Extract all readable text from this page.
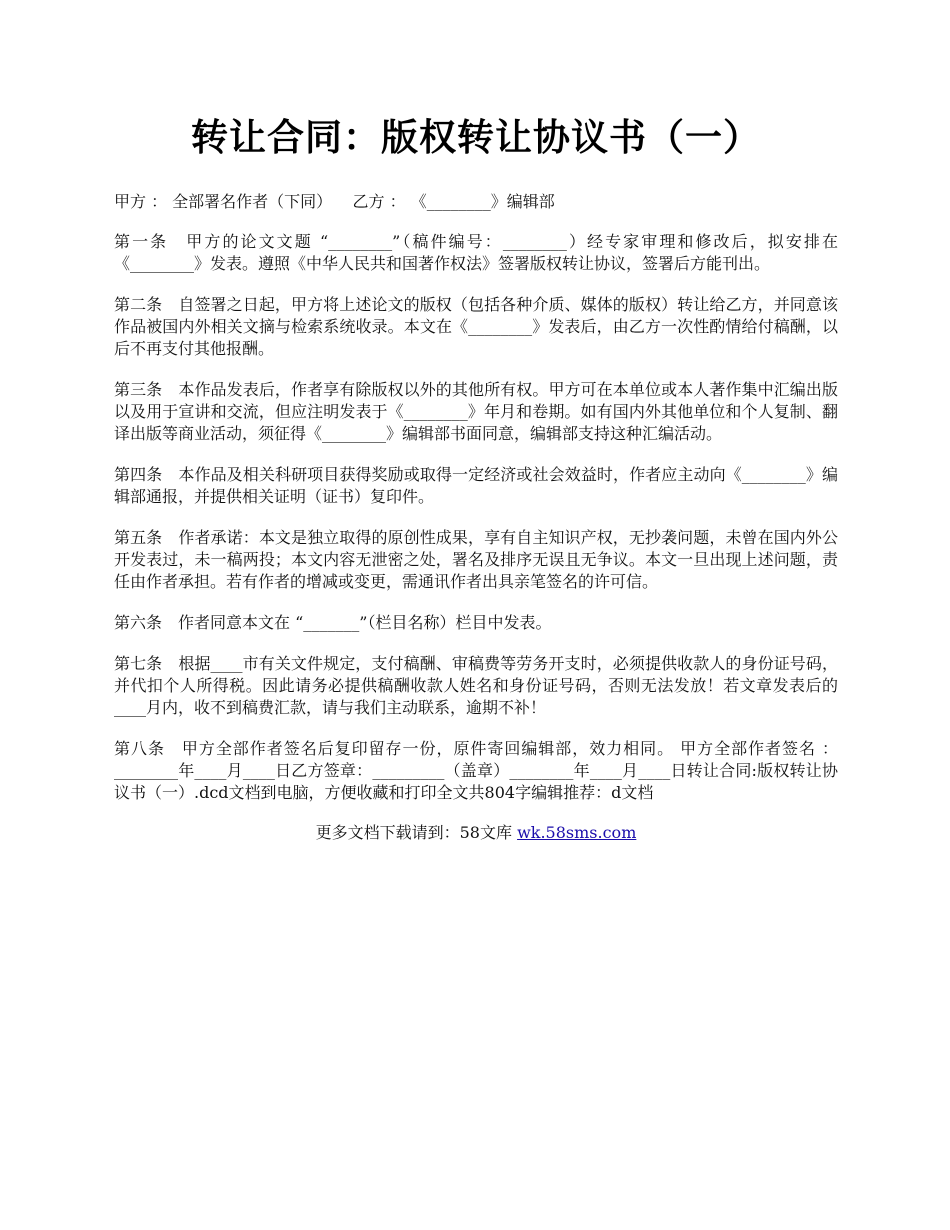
转让合同：版权转让协议书（一）
甲方 ： 全部署名作者（下同）    乙方 ： 《________》编辑部
第一条　甲方的论文文题 “________”（稿件编号：________）经专家审理和修改后，拟安排在《________》发表。遵照《中华人民共和国著作权法》签署版权转让协议，签署后方能刊出。
第二条　自签署之日起，甲方将上述论文的版权（包括各种介质、媒体的版权）转让给乙方，并同意该作品被国内外相关文摘与检索系统收录。本文在《________》发表后，由乙方一次性酌情给付稿酬，以后不再支付其他报酬。
第三条　本作品发表后，作者享有除版权以外的其他所有权。甲方可在本单位或本人著作集中汇编出版以及用于宣讲和交流，但应注明发表于《________》年月和卷期。如有国内外其他单位和个人复制、翻译出版等商业活动，须征得《________》编辑部书面同意，编辑部支持这种汇编活动。
第四条　本作品及相关科研项目获得奖励或取得一定经济或社会效益时，作者应主动向《________》编辑部通报，并提供相关证明（证书）复印件。
第五条　作者承诺：本文是独立取得的原创性成果，享有自主知识产权，无抄袭问题，未曾在国内外公开发表过，未一稿两投；本文内容无泄密之处，署名及排序无误且无争议。本文一旦出现上述问题，责任由作者承担。若有作者的增减或变更，需通讯作者出具亲笔签名的许可信。
第六条　作者同意本文在 “_______”（栏目名称）栏目中发表。
第七条　根据____市有关文件规定，支付稿酬、审稿费等劳务开支时，必须提供收款人的身份证号码，并代扣个人所得税。因此请务必提供稿酬收款人姓名和身份证号码，否则无法发放！若文章发表后的____月内，收不到稿费汇款，请与我们主动联系，逾期不补！
第八条　甲方全部作者签名后复印留存一份，原件寄回编辑部，效力相同。 甲方全部作者签名 ：________年____月____日乙方签章：_________（盖章）________年____月____日转让合同:版权转让协议书（一）.dcd文档到电脑，方便收藏和打印全文共804字编辑推荐：d文档
更多文档下载请到：58文库 wk.58sms.com
